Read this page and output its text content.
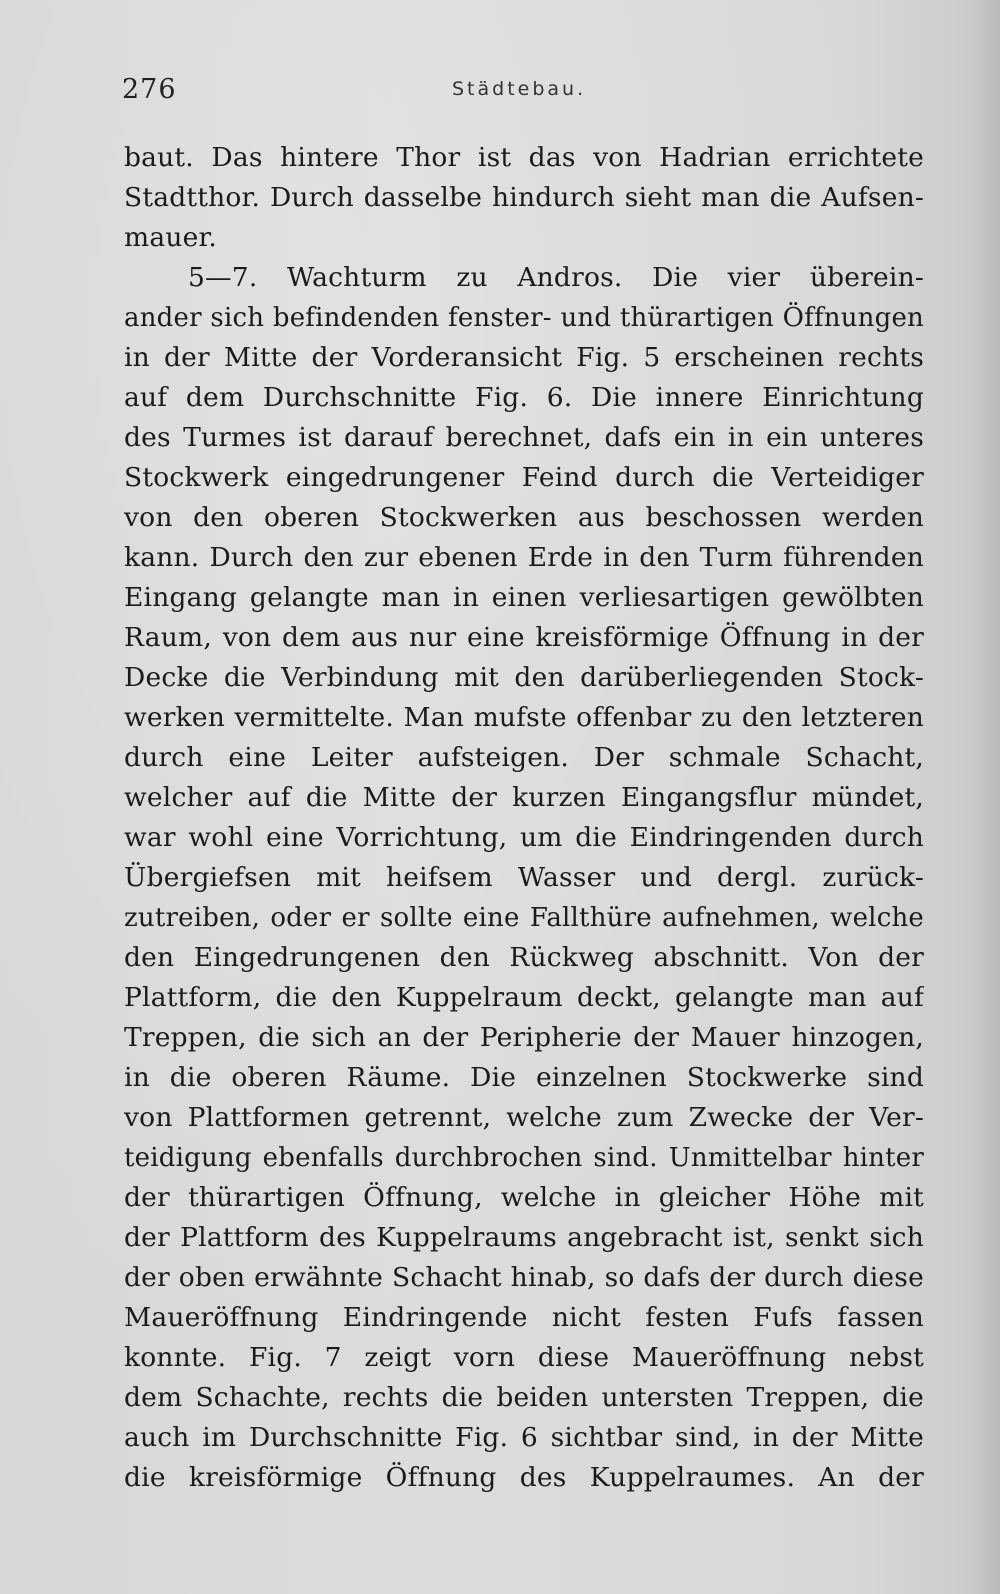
276	Städtebau.
baut. Das hintere Thor ist das von Hadrian errichtete
Stadtthor. Durch dasselbe hindurch sieht man die Aufsen-
mauer.
5—7. Wachturm zu Andros. Die vier überein-
ander sich befindenden fenster- und thürartigen Öffnungen
in der Mitte der Vorderansicht Fig. 5 erscheinen rechts
auf dem Durchschnitte Fig. 6. Die innere Einrichtung
des Turmes ist darauf berechnet, dafs ein in ein unteres
Stockwerk eingedrungener Feind durch die Verteidiger
von den oberen Stockwerken aus beschossen werden
kann. Durch den zur ebenen Erde in den Turm führenden
Eingang gelangte man in einen verliesartigen gewölbten
Raum, von dem aus nur eine kreisförmige Öffnung in der
Decke die Verbindung mit den darüberliegenden Stock-
werken vermittelte. Man mufste offenbar zu den letzteren
durch eine Leiter aufsteigen. Der schmale Schacht,
welcher auf die Mitte der kurzen Eingangsflur mündet,
war wohl eine Vorrichtung, um die Eindringenden durch
Übergiefsen mit heifsem Wasser und dergl. zurück-
zutreiben, oder er sollte eine Fallthüre aufnehmen, welche
den Eingedrungenen den Rückweg abschnitt. Von der
Plattform, die den Kuppelraum deckt, gelangte man auf
Treppen, die sich an der Peripherie der Mauer hinzogen,
in die oberen Räume. Die einzelnen Stockwerke sind
von Plattformen getrennt, welche zum Zwecke der Ver-
teidigung ebenfalls durchbrochen sind. Unmittelbar hinter
der thürartigen Öffnung, welche in gleicher Höhe mit
der Plattform des Kuppelraums angebracht ist, senkt sich
der oben erwähnte Schacht hinab, so dafs der durch diese
Maueröffnung Eindringende nicht festen Fufs fassen
konnte. Fig. 7 zeigt vorn diese Maueröffnung nebst
dem Schachte, rechts die beiden untersten Treppen, die
auch im Durchschnitte Fig. 6 sichtbar sind, in der Mitte
die kreisförmige Öffnung des Kuppelraumes. An der
